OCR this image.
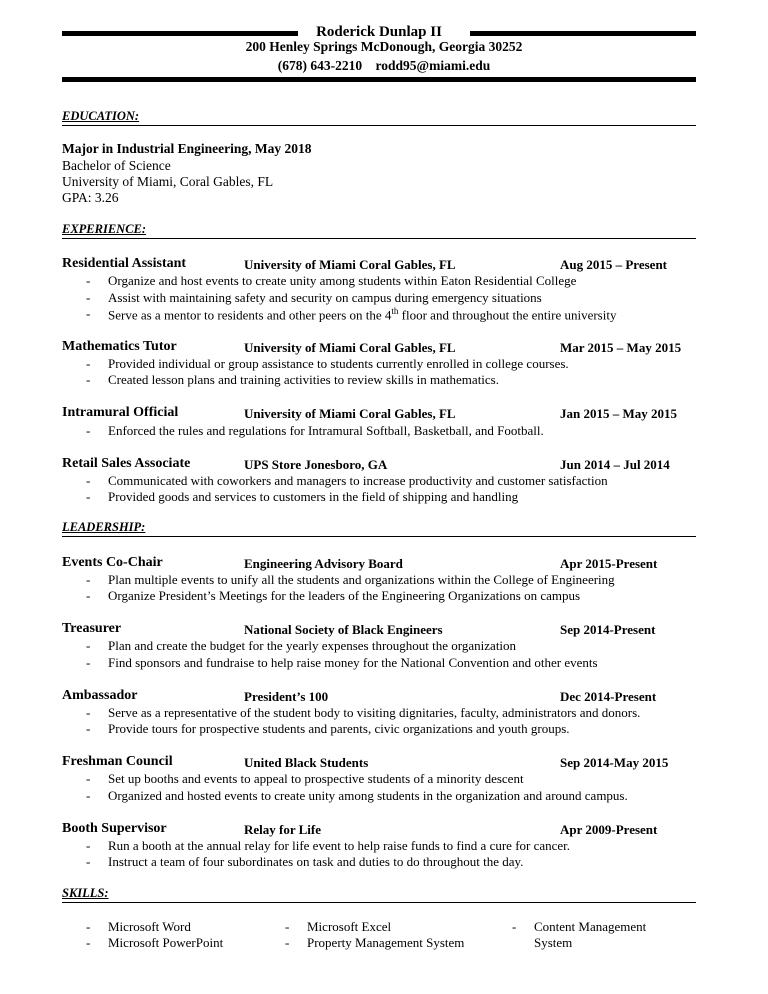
Roderick Dunlap II
200 Henley Springs McDonough, Georgia 30252
(678) 643-2210 rodd95@miami.edu
EDUCATION:
Major in Industrial Engineering, May 2018
Bachelor of Science
University of Miami, Coral Gables, FL
GPA: 3.26
EXPERIENCE:
Residential Assistant	University of Miami Coral Gables, FL	Aug 2015 – Present
- Organize and host events to create unity among students within Eaton Residential College
- Assist with maintaining safety and security on campus during emergency situations
- Serve as a mentor to residents and other peers on the 4th floor and throughout the entire university
Mathematics Tutor	University of Miami Coral Gables, FL	Mar 2015 – May 2015
- Provided individual or group assistance to students currently enrolled in college courses.
- Created lesson plans and training activities to review skills in mathematics.
Intramural Official	University of Miami Coral Gables, FL	Jan 2015 – May 2015
- Enforced the rules and regulations for Intramural Softball, Basketball, and Football.
Retail Sales Associate	UPS Store Jonesboro, GA	Jun 2014 – Jul 2014
- Communicated with coworkers and managers to increase productivity and customer satisfaction
- Provided goods and services to customers in the field of shipping and handling
LEADERSHIP:
Events Co-Chair	Engineering Advisory Board	Apr 2015-Present
- Plan multiple events to unify all the students and organizations within the College of Engineering
- Organize President’s Meetings for the leaders of the Engineering Organizations on campus
Treasurer	National Society of Black Engineers	Sep 2014-Present
- Plan and create the budget for the yearly expenses throughout the organization
- Find sponsors and fundraise to help raise money for the National Convention and other events
Ambassador	President’s 100	Dec 2014-Present
- Serve as a representative of the student body to visiting dignitaries, faculty, administrators and donors.
- Provide tours for prospective students and parents, civic organizations and youth groups.
Freshman Council	United Black Students	Sep 2014-May 2015
- Set up booths and events to appeal to prospective students of a minority descent
- Organized and hosted events to create unity among students in the organization and around campus.
Booth Supervisor	Relay for Life	Apr 2009-Present
- Run a booth at the annual relay for life event to help raise funds to find a cure for cancer.
- Instruct a team of four subordinates on task and duties to do throughout the day.
SKILLS:
- Microsoft Word
- Microsoft PowerPoint
- Microsoft Excel
- Property Management System
- Content Management
System
